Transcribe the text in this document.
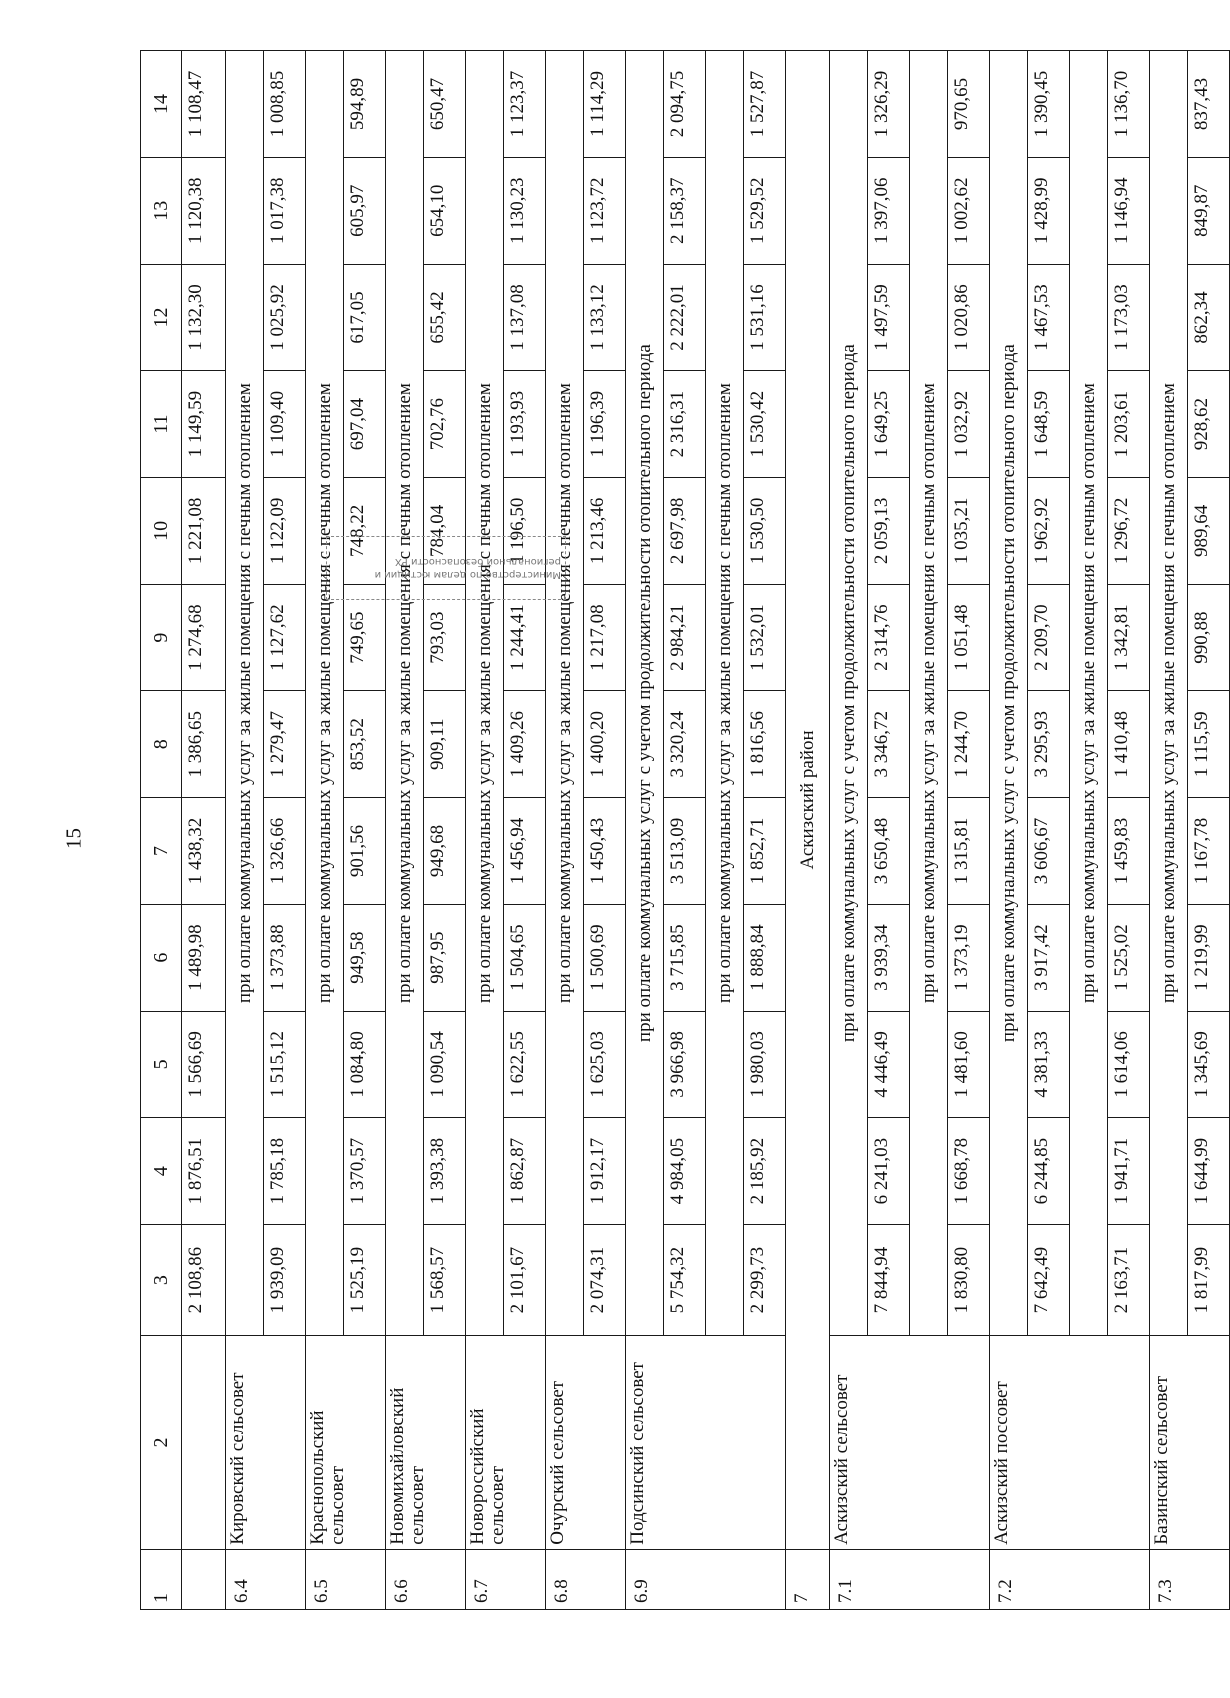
15
1	2	3	4	5	6	7	8	9	10	11	12	13	14
		2 108,86	1 876,51	1 566,69	1 489,98	1 438,32	1 386,65	1 274,68	1 221,08	1 149,59	1 132,30	1 120,38	1 108,47
6.4	Кировский сельсовет	при оплате коммунальных услуг за жилые помещения с печным отоплением											
		1 939,09	1 785,18	1 515,12	1 373,88	1 326,66	1 279,47	1 127,62	1 122,09	1 109,40	1 025,92	1 017,38	1 008,85
6.5	Краснопольский сельсовет	при оплате коммунальных услуг за жилые помещения с печным отоплением											
		1 525,19	1 370,57	1 084,80	949,58	901,56	853,52	749,65	748,22	697,04	617,05	605,97	594,89
6.6	Новомихайловский сельсовет	при оплате коммунальных услуг за жилые помещения с печным отоплением											
		1 568,57	1 393,38	1 090,54	987,95	949,68	909,11	793,03	784,04	702,76	655,42	654,10	650,47
6.7	Новороссийский сельсовет	при оплате коммунальных услуг за жилые помещения с печным отоплением											
		2 101,67	1 862,87	1 622,55	1 504,65	1 456,94	1 409,26	1 244,41	1 196,50	1 193,93	1 137,08	1 130,23	1 123,37
6.8	Очурский сельсовет	при оплате коммунальных услуг за жилые помещения с печным отоплением											
		2 074,31	1 912,17	1 625,03	1 500,69	1 450,43	1 400,20	1 217,08	1 213,46	1 196,39	1 133,12	1 123,72	1 114,29
6.9	Подсинский сельсовет	при оплате коммунальных услуг с учетом продолжительности отопительного периода											
		5 754,32	4 984,05	3 966,98	3 715,85	3 513,09	3 320,24	2 984,21	2 697,98	2 316,31	2 222,01	2 158,37	2 094,75
		при оплате коммунальных услуг за жилые помещения с печным отоплением											
		2 299,73	2 185,92	1 980,03	1 888,84	1 852,71	1 816,56	1 532,01	1 530,50	1 530,42	1 531,16	1 529,52	1 527,87
7	Аскизский район												
7.1	Аскизский сельсовет	при оплате коммунальных услуг с учетом продолжительности отопительного периода											
		7 844,94	6 241,03	4 446,49	3 939,34	3 650,48	3 346,72	2 314,76	2 059,13	1 649,25	1 497,59	1 397,06	1 326,29
		при оплате коммунальных услуг за жилые помещения с печным отоплением											
		1 830,80	1 668,78	1 481,60	1 373,19	1 315,81	1 244,70	1 051,48	1 035,21	1 032,92	1 020,86	1 002,62	970,65
7.2	Аскизский поссовет	при оплате коммунальных услуг с учетом продолжительности отопительного периода											
		7 642,49	6 244,85	4 381,33	3 917,42	3 606,67	3 295,93	2 209,70	1 962,92	1 648,59	1 467,53	1 428,99	1 390,45
		при оплате коммунальных услуг за жилые помещения с печным отоплением											
		2 163,71	1 941,71	1 614,06	1 525,02	1 459,83	1 410,48	1 342,81	1 296,72	1 203,61	1 173,03	1 146,94	1 136,70
7.3	Базинский сельсовет	при оплате коммунальных услуг за жилые помещения с печным отоплением											
		1 817,99	1 644,99	1 345,69	1 219,99	1 167,78	1 115,59	990,88	989,64	928,62	862,34	849,87	837,43
Министерство по делам юстиции и региональной безопасности РХ
